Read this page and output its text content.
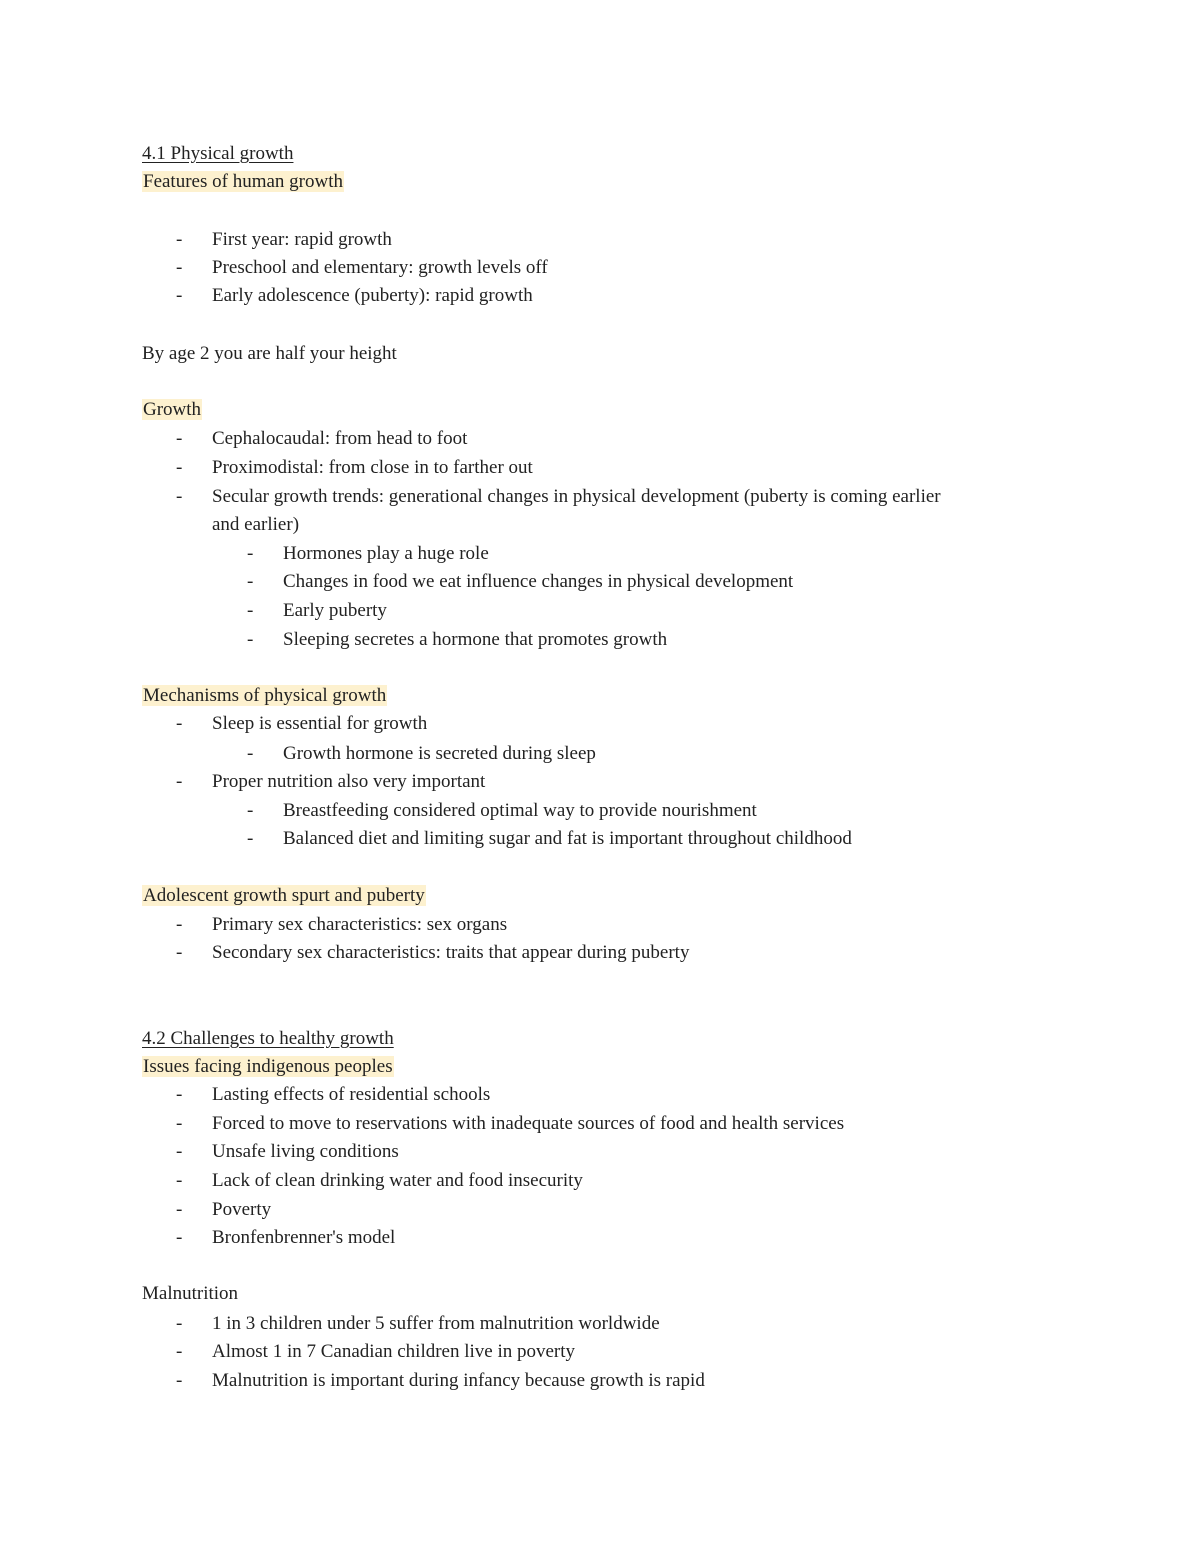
4.1 Physical growth
Features of human growth
- First year: rapid growth
- Preschool and elementary: growth levels off
- Early adolescence (puberty): rapid growth
By age 2 you are half your height
Growth
- Cephalocaudal: from head to foot
- Proximodistal: from close in to farther out
- Secular growth trends: generational changes in physical development (puberty is coming earlier
and earlier)
- Hormones play a huge role
- Changes in food we eat influence changes in physical development
- Early puberty
- Sleeping secretes a hormone that promotes growth
Mechanisms of physical growth
- Sleep is essential for growth
- Growth hormone is secreted during sleep
- Proper nutrition also very important
- Breastfeeding considered optimal way to provide nourishment
- Balanced diet and limiting sugar and fat is important throughout childhood
Adolescent growth spurt and puberty
- Primary sex characteristics: sex organs
- Secondary sex characteristics: traits that appear during puberty
4.2 Challenges to healthy growth
Issues facing indigenous peoples
- Lasting effects of residential schools
- Forced to move to reservations with inadequate sources of food and health services
- Unsafe living conditions
- Lack of clean drinking water and food insecurity
- Poverty
- Bronfenbrenner's model
Malnutrition
- 1 in 3 children under 5 suffer from malnutrition worldwide
- Almost 1 in 7 Canadian children live in poverty
- Malnutrition is important during infancy because growth is rapid
